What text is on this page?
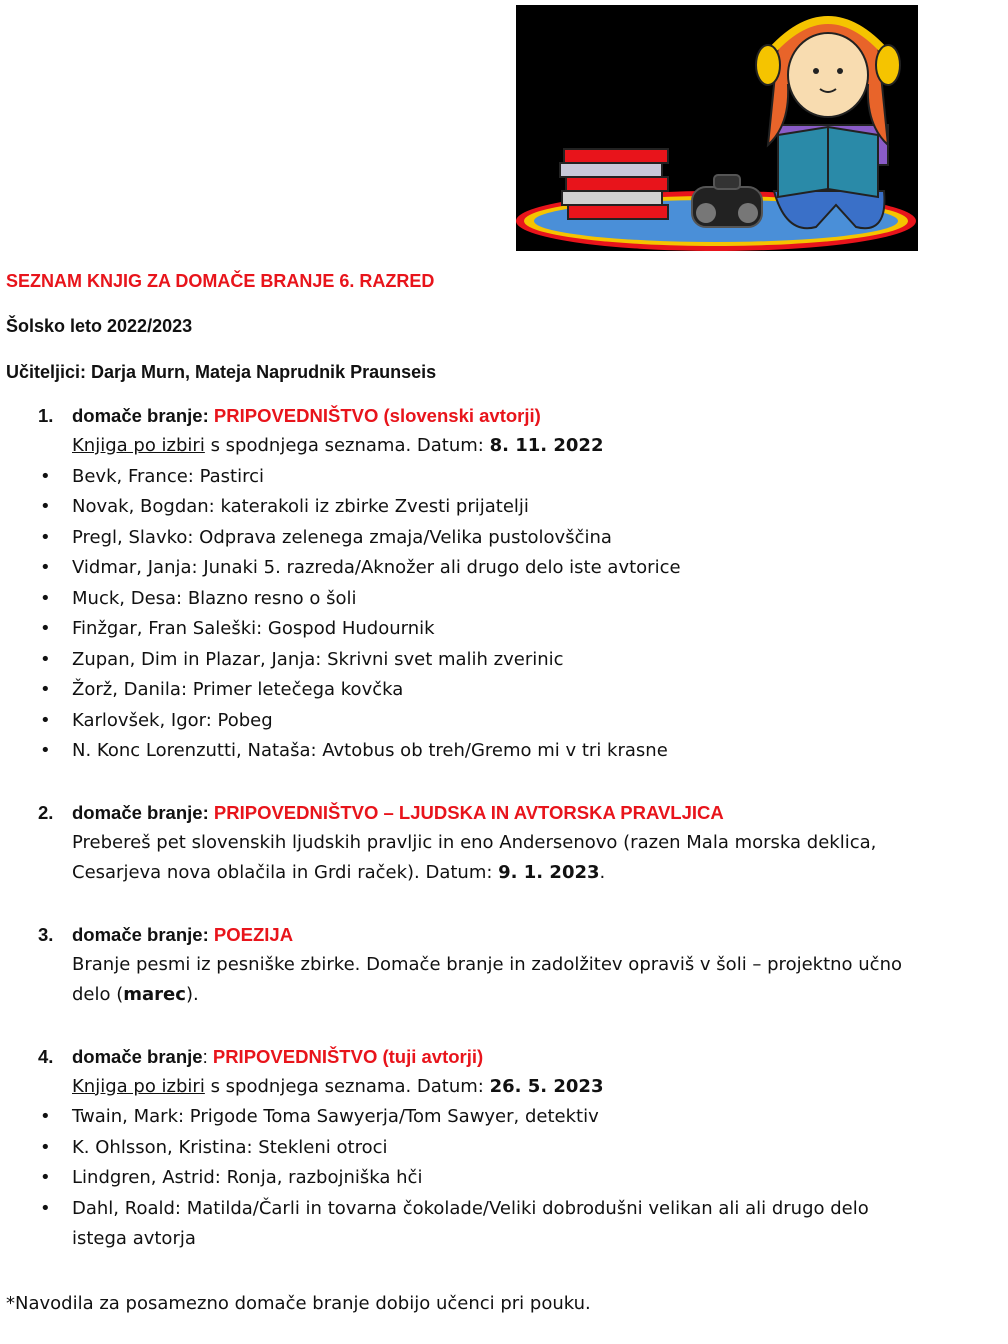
SEZNAM KNJIG ZA DOMAČE BRANJE 6. RAZRED

Šolsko leto 2022/2023

Učiteljici: Darja Murn, Mateja Naprudnik Praunseis

1. domače branje: PRIPOVEDNIŠTVO (slovenski avtorji)
Knjiga po izbiri s spodnjega seznama. Datum: 8. 11. 2022
• Bevk, France: Pastirci
• Novak, Bogdan: katerakoli iz zbirke Zvesti prijatelji
• Pregl, Slavko: Odprava zelenega zmaja/Velika pustolovščina
• Vidmar, Janja: Junaki 5. razreda/Aknožer ali drugo delo iste avtorice
• Muck, Desa: Blazno resno o šoli
• Finžgar, Fran Saleški: Gospod Hudournik
• Zupan, Dim in Plazar, Janja: Skrivni svet malih zverinic
• Žorž, Danila: Primer letečega kovčka
• Karlovšek, Igor: Pobeg
• N. Konc Lorenzutti, Nataša: Avtobus ob treh/Gremo mi v tri krasne
2. domače branje: PRIPOVEDNIŠTVO – LJUDSKA IN AVTORSKA PRAVLJICA
Prebereš pet slovenskih ljudskih pravljic in eno Andersenovo (razen Mala morska deklica, Cesarjeva nova oblačila in Grdi raček). Datum: 9. 1. 2023.
3. domače branje: POEZIJA
Branje pesmi iz pesniške zbirke. Domače branje in zadolžitev opraviš v šoli – projektno učno delo (marec).
4. domače branje: PRIPOVEDNIŠTVO (tuji avtorji)
Knjiga po izbiri s spodnjega seznama. Datum: 26. 5. 2023
• Twain, Mark: Prigode Toma Sawyerja/Tom Sawyer, detektiv
• K. Ohlsson, Kristina: Stekleni otroci
• Lindgren, Astrid: Ronja, razbojniška hči
• Dahl, Roald: Matilda/Čarli in tovarna čokolade/Veliki dobrodušni velikan ali ali drugo delo istega avtorja

*Navodila za posamezno domače branje dobijo učenci pri pouku.
